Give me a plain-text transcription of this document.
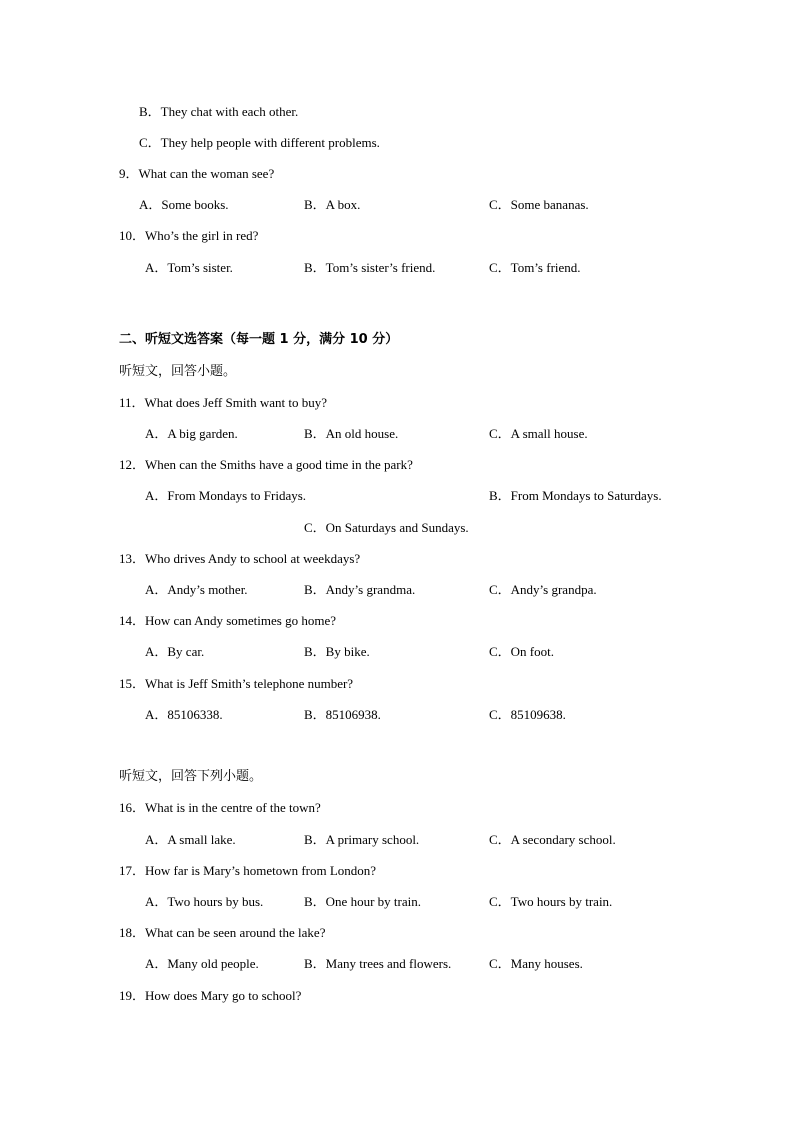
B．They chat with each other.
C．They help people with different problems.
9．What can the woman see?
A．Some books.	B．A box.	C．Some bananas.
10．Who’s the girl in red?
A．Tom’s sister.	B．Tom’s sister’s friend.	C．Tom’s friend.
二、听短文选答案（每一题 1 分，满分 10 分）
听短文，回答小题。
11．What does Jeff Smith want to buy?
A．A big garden.	B．An old house.	C．A small house.
12．When can the Smiths have a good time in the park?
A．From Mondays to Fridays.	B．From Mondays to Saturdays.
C．On Saturdays and Sundays.
13．Who drives Andy to school at weekdays?
A．Andy’s mother.	B．Andy’s grandma.	C．Andy’s grandpa.
14．How can Andy sometimes go home?
A．By car.	B．By bike.	C．On foot.
15．What is Jeff Smith’s telephone number?
A．85106338.	B．85106938.	C．85109638.
听短文，回答下列小题。
16．What is in the centre of the town?
A．A small lake.	B．A primary school.	C．A secondary school.
17．How far is Mary’s hometown from London?
A．Two hours by bus.	B．One hour by train.	C．Two hours by train.
18．What can be seen around the lake?
A．Many old people.	B．Many trees and flowers.	C．Many houses.
19．How does Mary go to school?
